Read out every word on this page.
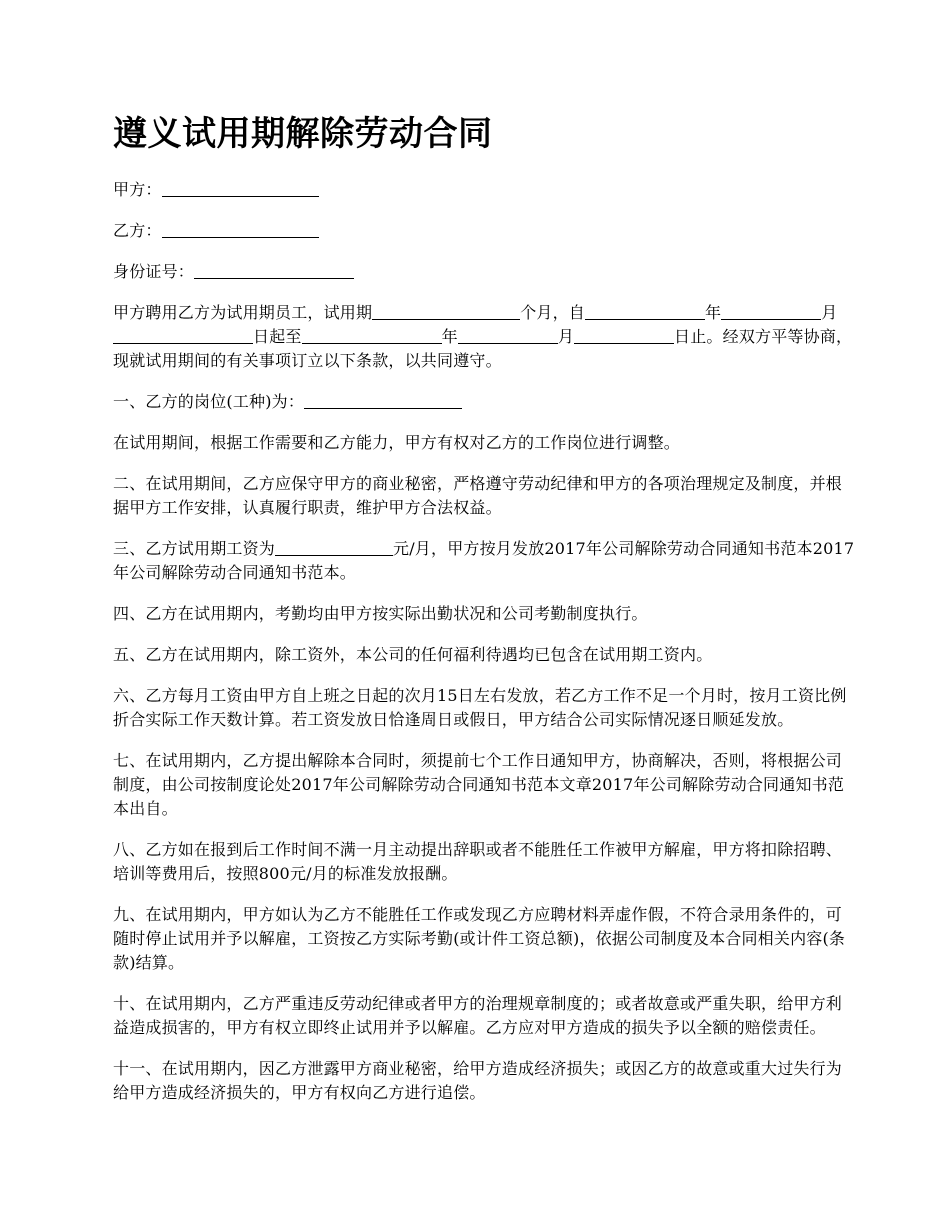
遵义试用期解除劳动合同

甲方：

乙方：

身份证号：

甲方聘用乙方为试用期员工，试用期	个月，自	年	月日起至	年	月	日止。经双方平等协商，现就试用期间的有关事项订立以下条款，以共同遵守。

一、乙方的岗位(工种)为：

在试用期间，根据工作需要和乙方能力，甲方有权对乙方的工作岗位进行调整。

二、在试用期间，乙方应保守甲方的商业秘密，严格遵守劳动纪律和甲方的各项治理规定及制度，并根据甲方工作安排，认真履行职责，维护甲方合法权益。

三、乙方试用期工资为	元/月，甲方按月发放2017年公司解除劳动合同通知书范本2017年公司解除劳动合同通知书范本。

四、乙方在试用期内，考勤均由甲方按实际出勤状况和公司考勤制度执行。

五、乙方在试用期内，除工资外，本公司的任何福利待遇均已包含在试用期工资内。

六、乙方每月工资由甲方自上班之日起的次月15日左右发放，若乙方工作不足一个月时，按月工资比例折合实际工作天数计算。若工资发放日恰逢周日或假日，甲方结合公司实际情况逐日顺延发放。

七、在试用期内，乙方提出解除本合同时，须提前七个工作日通知甲方，协商解决，否则，将根据公司制度，由公司按制度论处2017年公司解除劳动合同通知书范本文章2017年公司解除劳动合同通知书范本出自。

八、乙方如在报到后工作时间不满一月主动提出辞职或者不能胜任工作被甲方解雇，甲方将扣除招聘、培训等费用后，按照800元/月的标准发放报酬。

九、在试用期内，甲方如认为乙方不能胜任工作或发现乙方应聘材料弄虚作假，不符合录用条件的，可随时停止试用并予以解雇，工资按乙方实际考勤(或计件工资总额)，依据公司制度及本合同相关内容(条款)结算。

十、在试用期内，乙方严重违反劳动纪律或者甲方的治理规章制度的；或者故意或严重失职，给甲方利益造成损害的，甲方有权立即终止试用并予以解雇。乙方应对甲方造成的损失予以全额的赔偿责任。

十一、在试用期内，因乙方泄露甲方商业秘密，给甲方造成经济损失；或因乙方的故意或重大过失行为给甲方造成经济损失的，甲方有权向乙方进行追偿。
